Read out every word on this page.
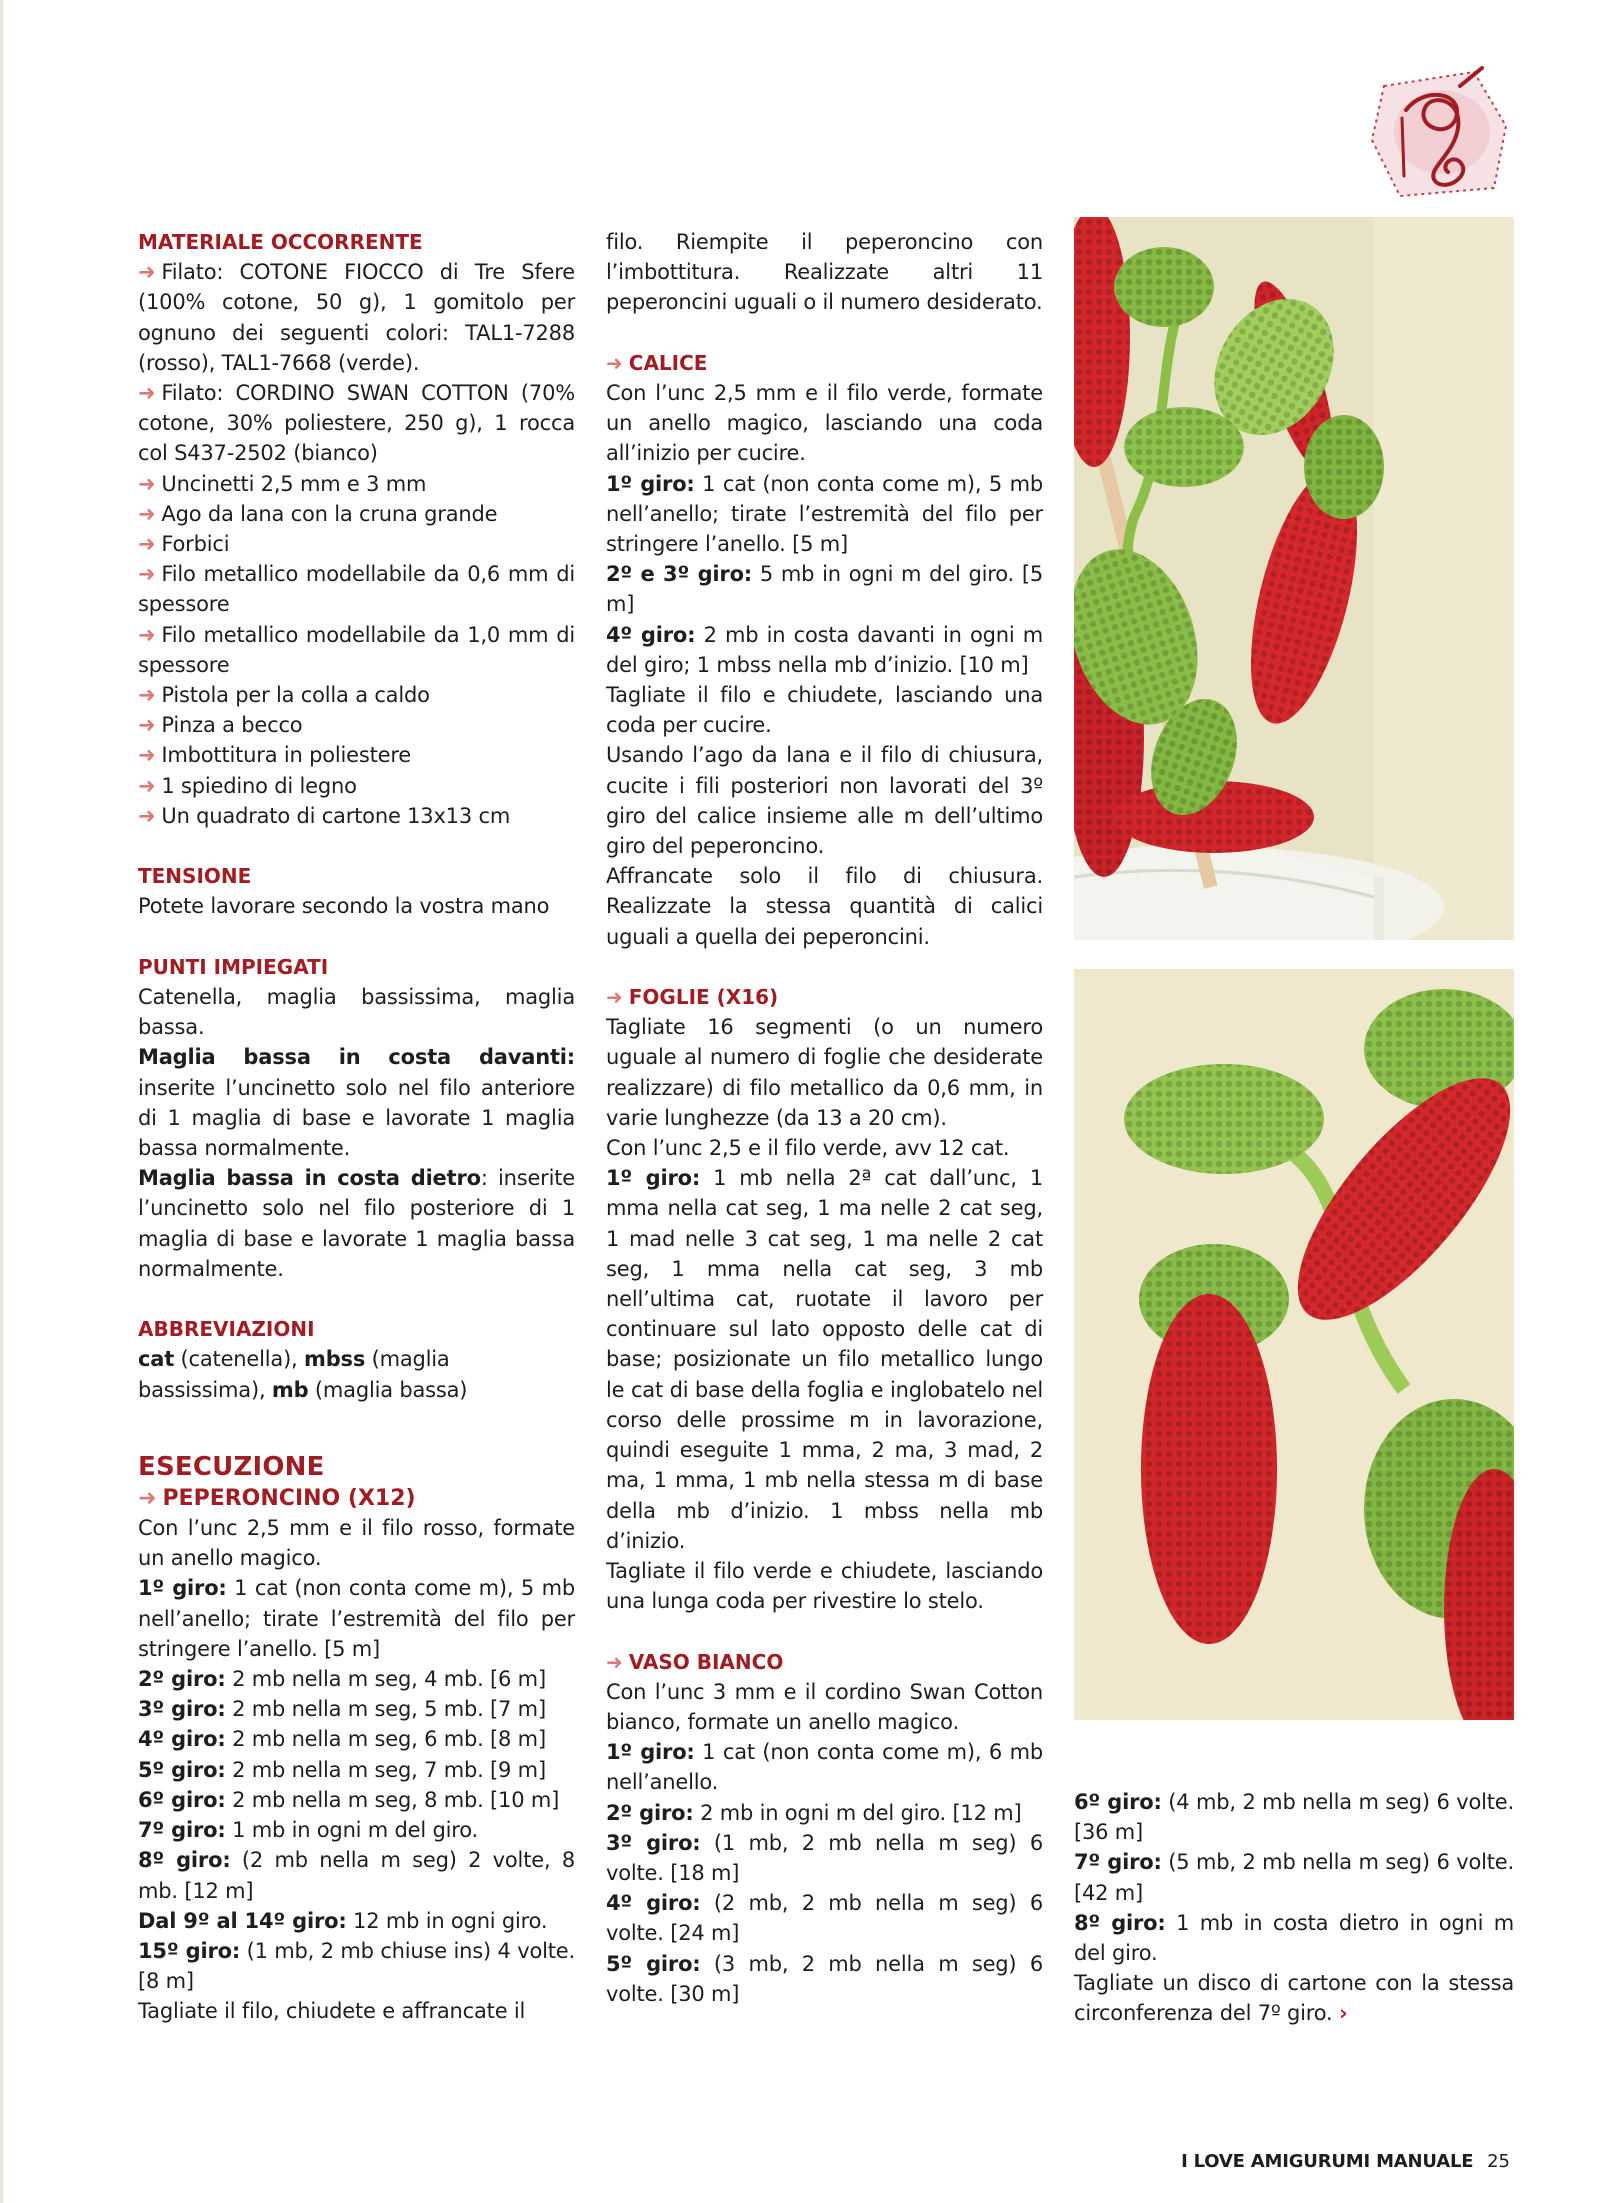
MATERIALE OCCORRENTE

➜ Filato: COTONE FIOCCO di Tre Sfere (100% cotone, 50 g), 1 gomitolo per ognuno dei seguenti colori: TAL1-7288 (rosso), TAL1-7668 (verde).

➜ Filato: CORDINO SWAN COTTON (70% cotone, 30% poliestere, 250 g), 1 rocca col S437-2502 (bianco)

➜ Uncinetti 2,5 mm e 3 mm

➜ Ago da lana con la cruna grande

➜ Forbici

➜ Filo metallico modellabile da 0,6 mm di spessore

➜ Filo metallico modellabile da 1,0 mm di spessore

➜ Pistola per la colla a caldo

➜ Pinza a becco

➜ Imbottitura in poliestere

➜ 1 spiedino di legno

➜ Un quadrato di cartone 13x13 cm

TENSIONE

Potete lavorare secondo la vostra mano

PUNTI IMPIEGATI

Catenella, maglia bassissima, maglia bassa.

Maglia bassa in costa davanti: inserite l’uncinetto solo nel filo anteriore di 1 maglia di base e lavorate 1 maglia bassa normalmente.

Maglia bassa in costa dietro: inserite l’uncinetto solo nel filo posteriore di 1 maglia di base e lavorate 1 maglia bassa normalmente.

ABBREVIAZIONI

cat (catenella), mbss (maglia bassissima), mb (maglia bassa)

ESECUZIONE

➜ PEPERONCINO (X12)

Con l’unc 2,5 mm e il filo rosso, formate un anello magico.

1º giro: 1 cat (non conta come m), 5 mb nell’anello; tirate l’estremità del filo per stringere l’anello. [5 m]

2º giro: 2 mb nella m seg, 4 mb. [6 m]

3º giro: 2 mb nella m seg, 5 mb. [7 m]

4º giro: 2 mb nella m seg, 6 mb. [8 m]

5º giro: 2 mb nella m seg, 7 mb. [9 m]

6º giro: 2 mb nella m seg, 8 mb. [10 m]

7º giro: 1 mb in ogni m del giro.

8º giro: (2 mb nella m seg) 2 volte, 8 mb. [12 m]

Dal 9º al 14º giro: 12 mb in ogni giro.

15º giro: (1 mb, 2 mb chiuse ins) 4 volte. [8 m]

Tagliate il filo, chiudete e affrancate il

filo. Riempite il peperoncino con l’imbottitura. Realizzate altri 11 peperoncini uguali o il numero desiderato.

➜ CALICE

Con l’unc 2,5 mm e il filo verde, formate un anello magico, lasciando una coda all’inizio per cucire.

1º giro: 1 cat (non conta come m), 5 mb nell’anello; tirate l’estremità del filo per stringere l’anello. [5 m]

2º e 3º giro: 5 mb in ogni m del giro. [5 m]

4º giro: 2 mb in costa davanti in ogni m del giro; 1 mbss nella mb d’inizio. [10 m]

Tagliate il filo e chiudete, lasciando una coda per cucire.

Usando l’ago da lana e il filo di chiusura, cucite i fili posteriori non lavorati del 3º giro del calice insieme alle m dell’ultimo giro del peperoncino.

Affrancate solo il filo di chiusura. Realizzate la stessa quantità di calici uguali a quella dei peperoncini.

➜ FOGLIE (X16)

Tagliate 16 segmenti (o un numero uguale al numero di foglie che desiderate realizzare) di filo metallico da 0,6 mm, in varie lunghezze (da 13 a 20 cm).

Con l’unc 2,5 e il filo verde, avv 12 cat.

1º giro: 1 mb nella 2ª cat dall’unc, 1 mma nella cat seg, 1 ma nelle 2 cat seg, 1 mad nelle 3 cat seg, 1 ma nelle 2 cat seg, 1 mma nella cat seg, 3 mb nell’ultima cat, ruotate il lavoro per continuare sul lato opposto delle cat di base; posizionate un filo metallico lungo le cat di base della foglia e inglobatelo nel corso delle prossime m in lavorazione, quindi eseguite 1 mma, 2 ma, 3 mad, 2 ma, 1 mma, 1 mb nella stessa m di base della mb d’inizio. 1 mbss nella mb d’inizio.

Tagliate il filo verde e chiudete, lasciando una lunga coda per rivestire lo stelo.

➜ VASO BIANCO

Con l’unc 3 mm e il cordino Swan Cotton bianco, formate un anello magico.

1º giro: 1 cat (non conta come m), 6 mb nell’anello.

2º giro: 2 mb in ogni m del giro. [12 m]

3º giro: (1 mb, 2 mb nella m seg) 6 volte. [18 m]

4º giro: (2 mb, 2 mb nella m seg) 6 volte. [24 m]

5º giro: (3 mb, 2 mb nella m seg) 6 volte. [30 m]

6º giro: (4 mb, 2 mb nella m seg) 6 volte. [36 m]

7º giro: (5 mb, 2 mb nella m seg) 6 volte. [42 m]

8º giro: 1 mb in costa dietro in ogni m del giro.

Tagliate un disco di cartone con la stessa circonferenza del 7º giro. ›

I LOVE AMIGURUMI MANUALE 25
